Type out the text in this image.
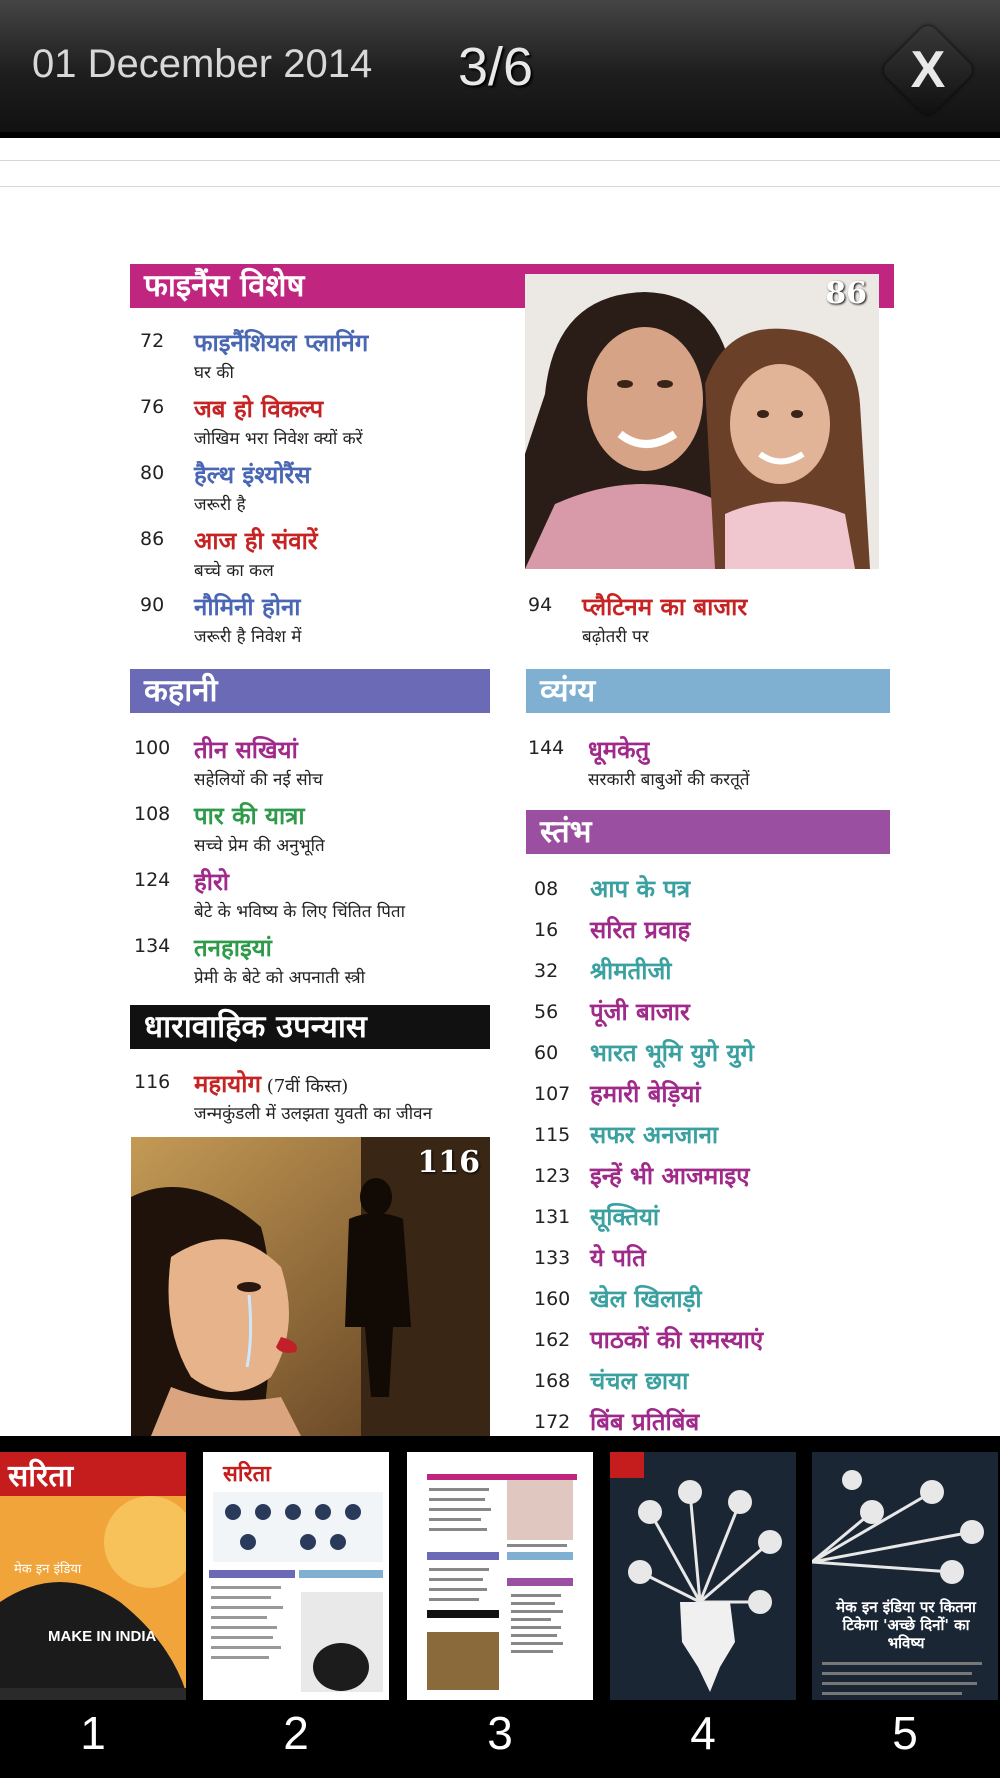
01 December 2014 3/6	X
फाइनैंस विशेष	86
72 फाइनैंशियल प्लानिंग
घर की
76 जब हो विकल्प
जोखिम भरा निवेश क्यों करें
80 हैल्थ इंश्योरैंस
जरूरी है
86 आज ही संवारें
बच्चे का कल
90 नौमिनी होना
जरूरी है निवेश में
94 प्लैटिनम का बाजार
बढ़ोतरी पर
कहानी
100 तीन सखियां
सहेलियों की नई सोच
108 पार की यात्रा
सच्चे प्रेम की अनुभूति
124 हीरो
बेटे के भविष्य के लिए चिंतित पिता
134 तनहाइयां
प्रेमी के बेटे को अपनाती स्त्री
व्यंग्य
144 धूमकेतु
सरकारी बाबुओं की करतूतें
स्तंभ
08 आप के पत्र
16 सरित प्रवाह
32 श्रीमतीजी
56 पूंजी बाजार
60 भारत भूमि युगे युगे
107 हमारी बेड़ियां
115 सफर अनजाना
123 इन्हें भी आजमाइए
131 सूक्तियां
133 ये पति
160 खेल खिलाड़ी
162 पाठकों की समस्याएं
168 चंचल छाया
172 बिंब प्रतिबिंब
धारावाहिक उपन्यास
116 महायोग (7वीं किस्त)
जन्मकुंडली में उलझता युवती का जीवन
116
सरिता
मेक इन इंडिया
MAKE IN INDIA
1
सरिता
2	3	4
मेक इन इंडिया पर कितना टिकेगा 'अच्छे दिनों' का भविष्य
5
